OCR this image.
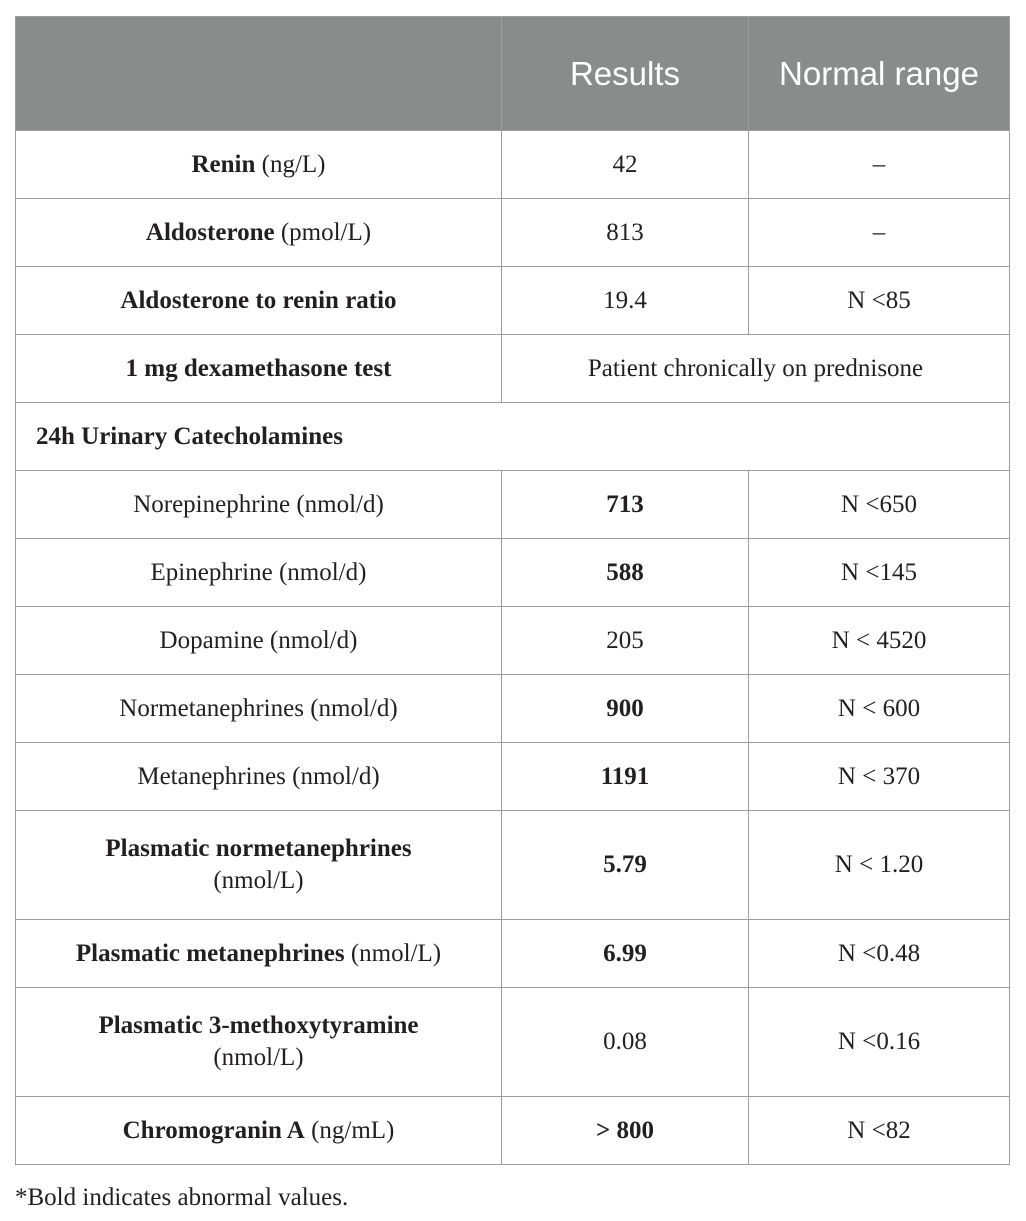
	Results	Normal range
Renin (ng/L)	42	–
Aldosterone (pmol/L)	813	–
Aldosterone to renin ratio	19.4	N <85
1 mg dexamethasone test	Patient chronically on prednisone	
24h Urinary Catecholamines		
Norepinephrine (nmol/d)	713	N <650
Epinephrine (nmol/d)	588	N <145
Dopamine (nmol/d)	205	N < 4520
Normetanephrines (nmol/d)	900	N < 600
Metanephrines (nmol/d)	1191	N < 370
Plasmatic normetanephrines
(nmol/L)	5.79	N < 1.20
Plasmatic metanephrines (nmol/L)	6.99	N <0.48
Plasmatic 3-methoxytyramine
(nmol/L)	0.08	N <0.16
Chromogranin A (ng/mL)	> 800	N <82
*Bold indicates abnormal values.
